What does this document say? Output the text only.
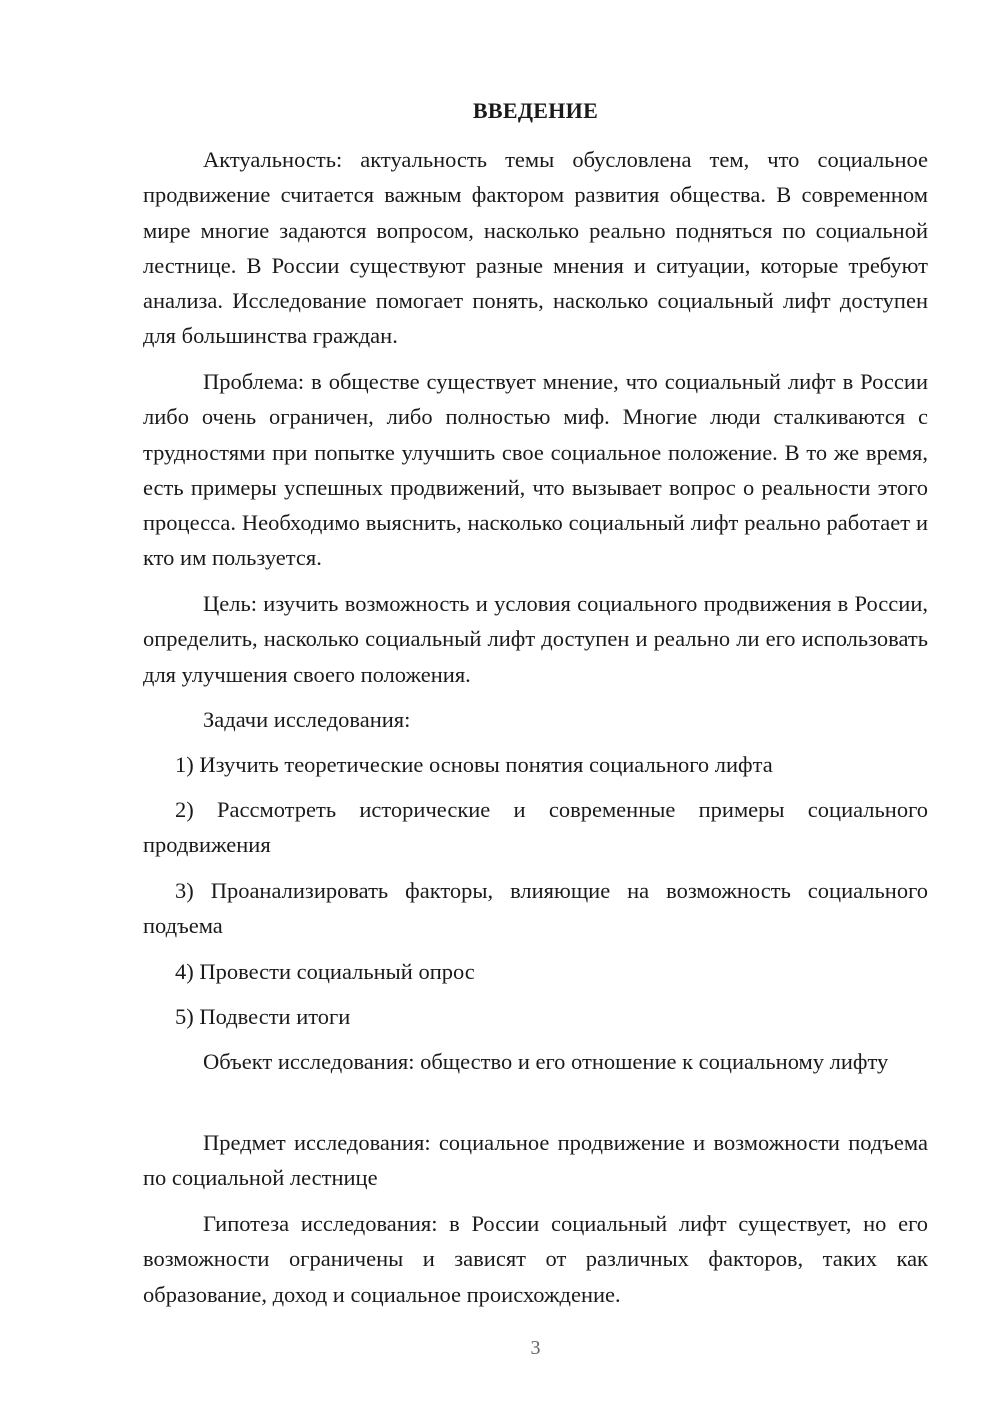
ВВЕДЕНИЕ

Актуальность: актуальность темы обусловлена тем, что социальное продвижение считается важным фактором развития общества. В современном мире многие задаются вопросом, насколько реально подняться по социальной лестнице. В России существуют разные мнения и ситуации, которые требуют анализа. Исследование помогает понять, насколько социальный лифт доступен для большинства граждан.

Проблема: в обществе существует мнение, что социальный лифт в России либо очень ограничен, либо полностью миф. Многие люди сталкиваются с трудностями при попытке улучшить свое социальное положение. В то же время, есть примеры успешных продвижений, что вызывает вопрос о реальности этого процесса. Необходимо выяснить, насколько социальный лифт реально работает и кто им пользуется.

Цель: изучить возможность и условия социального продвижения в России, определить, насколько социальный лифт доступен и реально ли его использовать для улучшения своего положения.

Задачи исследования:

1) Изучить теоретические основы понятия социального лифта

2) Рассмотреть исторические и современные примеры социального продвижения

3) Проанализировать факторы, влияющие на возможность социального подъема

4) Провести социальный опрос

5) Подвести итоги

Объект исследования: общество и его отношение к социальному лифту

Предмет исследования: социальное продвижение и возможности подъема по социальной лестнице

Гипотеза исследования: в России социальный лифт существует, но его возможности ограничены и зависят от различных факторов, таких как образование, доход и социальное происхождение.

3
